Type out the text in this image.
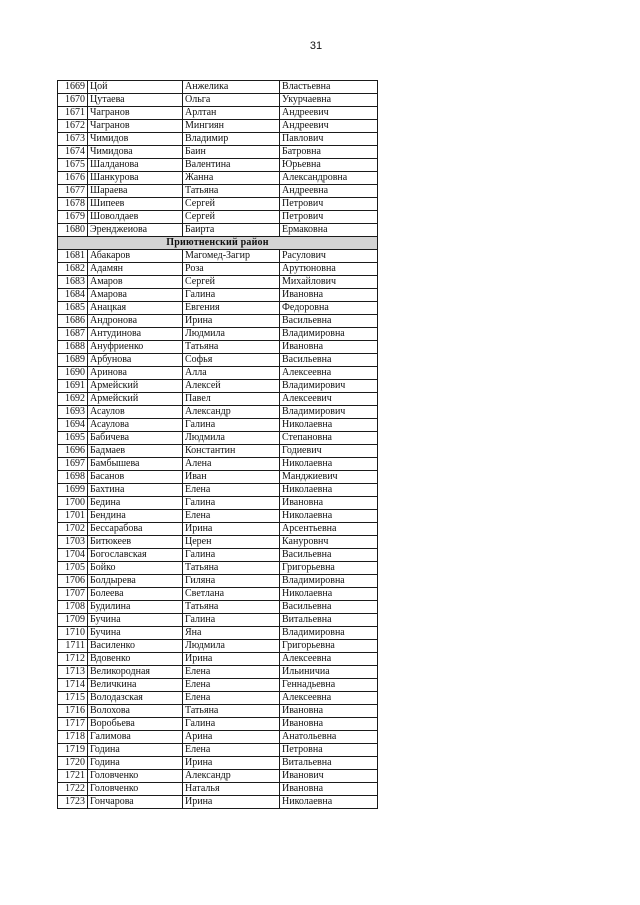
31
1669	Цой	Анжелика	Властьевна
1670	Цутаева	Ольга	Укурчаевна
1671	Чагранов	Арлтан	Андреевич
1672	Чагранов	Мингиян	Андреевич
1673	Чимидов	Владимир	Павлович
1674	Чимидова	Баин	Батровна
1675	Шалданова	Валентина	Юрьевна
1676	Шанкурова	Жанна	Александровна
1677	Шараева	Татьяна	Андреевна
1678	Шипеев	Сергей	Петрович
1679	Шоволдаев	Сергей	Петрович
1680	Эренджеиова	Баирта	Ермаковна
Приютненский район			
1681	Абакаров	Магомед-Загир	Расулович
1682	Адамян	Роза	Арутюновна
1683	Амаров	Сергей	Михайлович
1684	Амарова	Галина	Ивановна
1685	Анацкая	Евгения	Федоровна
1686	Андронова	Ирина	Васильевна
1687	Антудинова	Людмила	Владимировна
1688	Ануфриенко	Татьяна	Ивановна
1689	Арбунова	Софья	Васильевна
1690	Аринова	Алла	Алексеевна
1691	Армейский	Алексей	Владимирович
1692	Армейский	Павел	Алексеевич
1693	Асаулов	Александр	Владимирович
1694	Асаулова	Галина	Николаевна
1695	Бабичева	Людмила	Степановна
1696	Бадмаев	Константин	Годиевич
1697	Бамбышева	Алена	Николаевна
1698	Басанов	Иван	Манджиевич
1699	Бахтина	Елена	Николаевна
1700	Бедина	Галина	Ивановна
1701	Бендина	Елена	Николаевна
1702	Бессарабова	Ирина	Арсентьевна
1703	Битюкеев	Церен	Кануровнч
1704	Богославская	Галина	Васильевна
1705	Бойко	Татьяна	Григорьевна
1706	Болдырева	Гиляна	Владимировна
1707	Болеева	Светлана	Николаевна
1708	Будилина	Татьяна	Васильевна
1709	Бучина	Галина	Витальевна
1710	Бучина	Яна	Владимировна
1711	Василенко	Людмила	Григорьевна
1712	Вдовенко	Ирина	Алексеевна
1713	Великородная	Елена	Ильиничиа
1714	Величкина	Елена	Геннадьевна
1715	Володазская	Елена	Алексеевна
1716	Волохова	Татьяна	Ивановна
1717	Воробьева	Галина	Ивановна
1718	Галимова	Арина	Анатольевна
1719	Година	Елена	Петровна
1720	Година	Ирина	Витальевна
1721	Головченко	Александр	Иванович
1722	Головченко	Наталья	Ивановна
1723	Гончарова	Ирина	Николаевна
